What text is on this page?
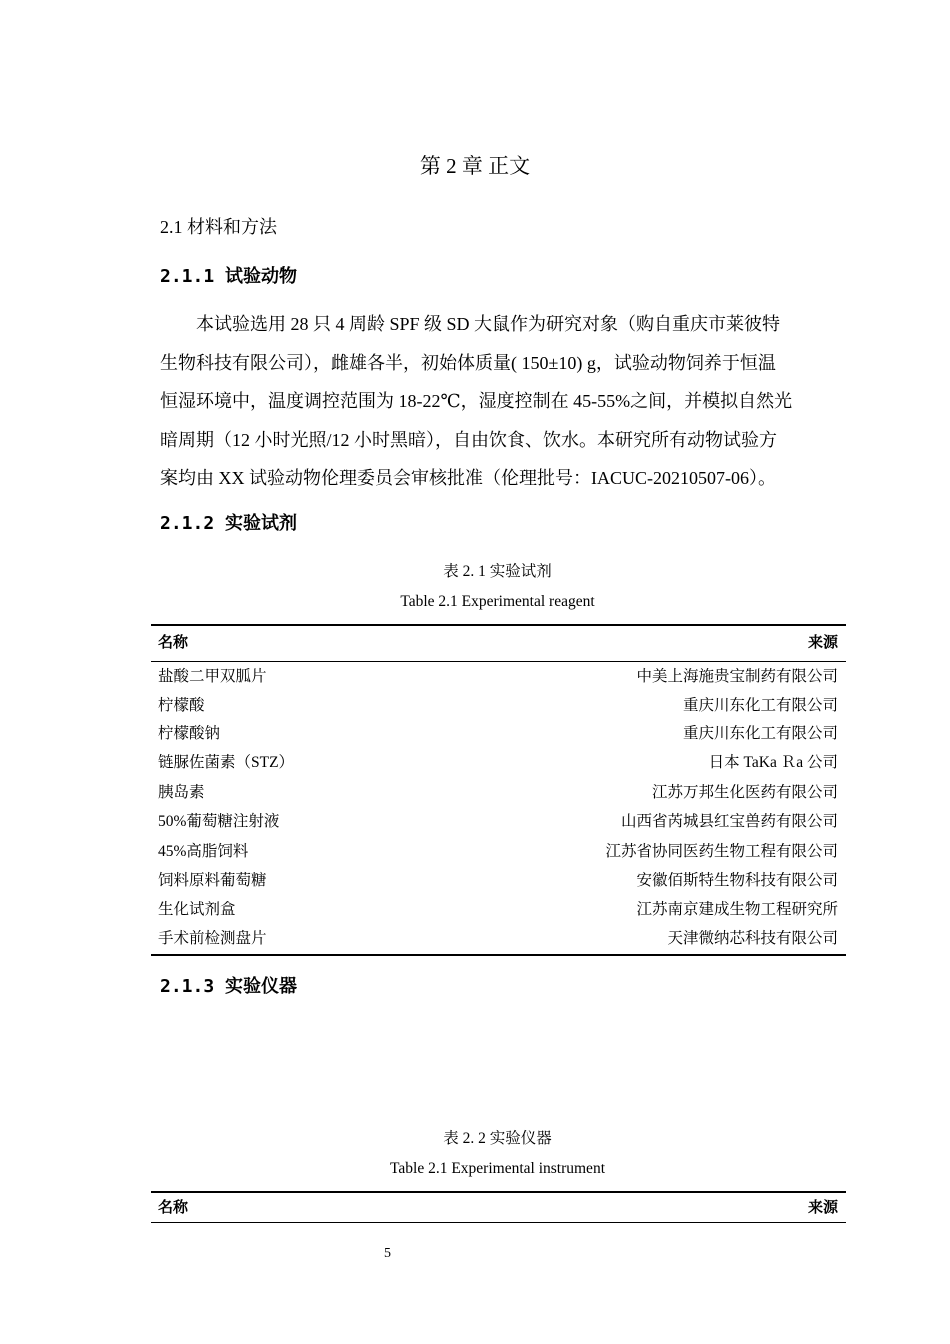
第 2 章 正文
2.1 材料和方法
2.1.1 试验动物
本试验选用 28 只 4 周龄 SPF 级 SD 大鼠作为研究对象（购自重庆市莱彼特
生物科技有限公司），雌雄各半，初始体质量( 150±10) g，试验动物饲养于恒温
恒湿环境中，温度调控范围为 18-22℃，湿度控制在 45-55%之间，并模拟自然光
暗周期（12 小时光照/12 小时黑暗），自由饮食、饮水。本研究所有动物试验方
案均由 XX 试验动物伦理委员会审核批准（伦理批号：IACUC-20210507-06）。
2.1.2 实验试剂
表 2. 1 实验试剂
Table 2.1 Experimental reagent
名称	来源
盐酸二甲双胍片	中美上海施贵宝制药有限公司
柠檬酸	重庆川东化工有限公司
柠檬酸钠	重庆川东化工有限公司
链脲佐菌素（STZ）	日本 TaKa Ｒa 公司
胰岛素	江苏万邦生化医药有限公司
50%葡萄糖注射液	山西省芮城县红宝兽药有限公司
45%高脂饲料	江苏省协同医药生物工程有限公司
饲料原料葡萄糖	安徽佰斯特生物科技有限公司
生化试剂盒	江苏南京建成生物工程研究所
手术前检测盘片	天津微纳芯科技有限公司
2.1.3 实验仪器
表 2. 2 实验仪器
Table 2.1 Experimental instrument
名称	来源
5
